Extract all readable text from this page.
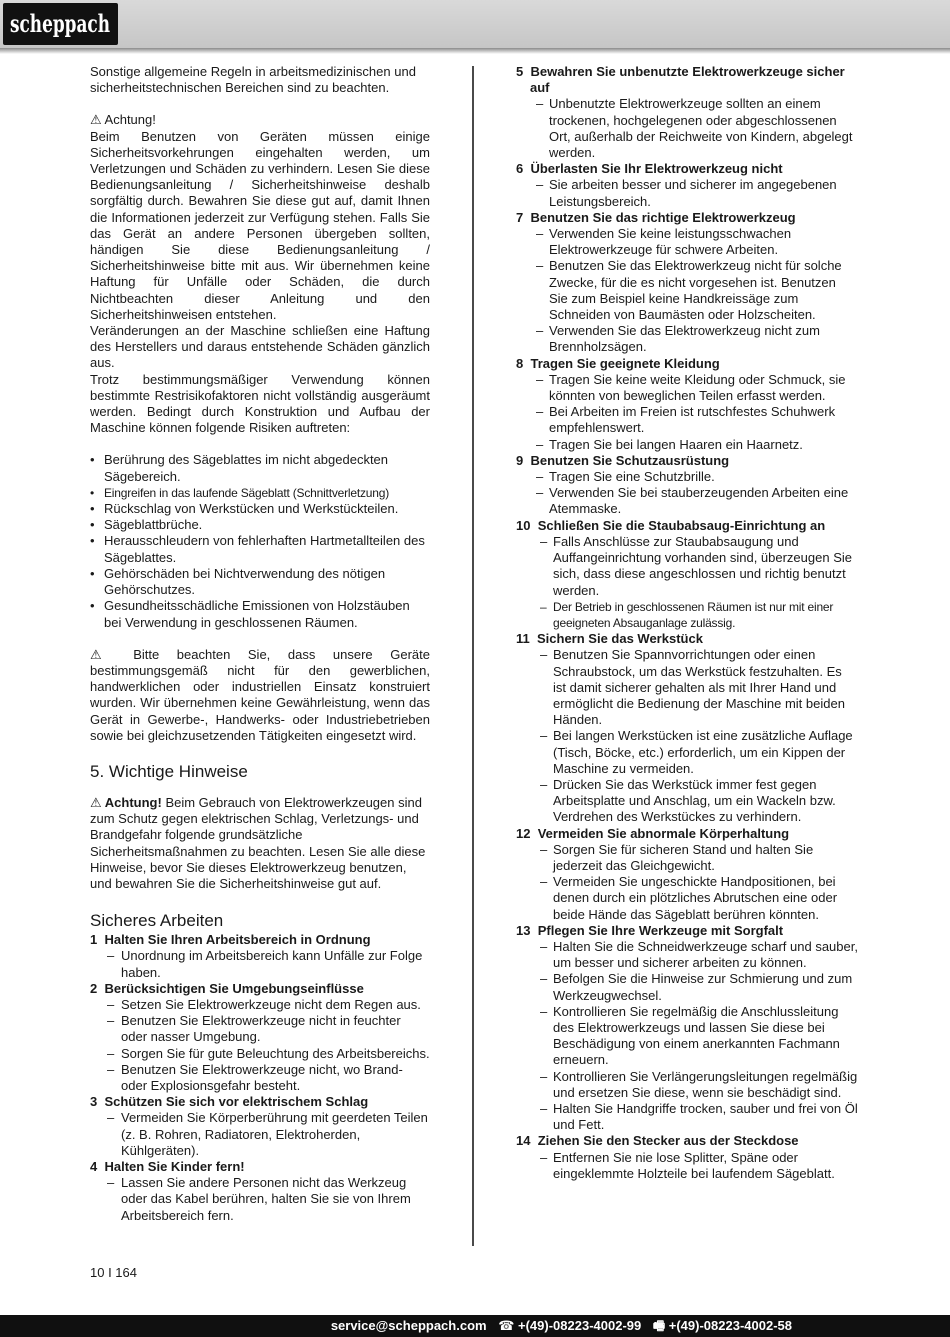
scheppach

Sonstige allgemeine Regeln in arbeitsmedizinischen und sicherheitstechnischen Bereichen sind zu beachten.

⚠ Achtung!

Beim Benutzen von Geräten müssen einige Sicherheitsvorkehrungen eingehalten werden, um Verletzungen und Schäden zu verhindern. Lesen Sie diese Bedienungsanleitung / Sicherheitshinweise deshalb sorgfältig durch. Bewahren Sie diese gut auf, damit Ihnen die Informationen jederzeit zur Verfügung stehen. Falls Sie das Gerät an andere Personen übergeben sollten, händigen Sie diese Bedienungsanleitung / Sicherheitshinweise bitte mit aus. Wir übernehmen keine Haftung für Unfälle oder Schäden, die durch Nichtbeachten dieser Anleitung und den Sicherheitshinweisen entstehen.

Veränderungen an der Maschine schließen eine Haftung des Herstellers und daraus entstehende Schäden gänzlich aus.

Trotz bestimmungsmäßiger Verwendung können bestimmte Restrisikofaktoren nicht vollständig ausgeräumt werden. Bedingt durch Konstruktion und Aufbau der Maschine können folgende Risiken auftreten:

• Berührung des Sägeblattes im nicht abgedeckten Sägebereich.
• Eingreifen in das laufende Sägeblatt (Schnittverletzung)
• Rückschlag von Werkstücken und Werkstückteilen.
• Sägeblattbrüche.
• Herausschleudern von fehlerhaften Hartmetallteilen des Sägeblattes.
• Gehörschäden bei Nichtverwendung des nötigen Gehörschutzes.
• Gesundheitsschädliche Emissionen von Holzstäuben bei Verwendung in geschlossenen Räumen.

⚠ Bitte beachten Sie, dass unsere Geräte bestimmungsgemäß nicht für den gewerblichen, handwerklichen oder industriellen Einsatz konstruiert wurden. Wir übernehmen keine Gewährleistung, wenn das Gerät in Gewerbe-, Handwerks- oder Industriebetrieben sowie bei gleichzusetzenden Tätigkeiten eingesetzt wird.

5. Wichtige Hinweise

⚠ Achtung! Beim Gebrauch von Elektrowerkzeugen sind zum Schutz gegen elektrischen Schlag, Verletzungs- und Brandgefahr folgende grundsätzliche Sicherheitsmaßnahmen zu beachten. Lesen Sie alle diese Hinweise, bevor Sie dieses Elektrowerkzeug benutzen, und bewahren Sie die Sicherheitshinweise gut auf.

Sicheres Arbeiten
1 Halten Sie Ihren Arbeitsbereich in Ordnung
– Unordnung im Arbeitsbereich kann Unfälle zur Folge haben.
2 Berücksichtigen Sie Umgebungseinflüsse
– Setzen Sie Elektrowerkzeuge nicht dem Regen aus.
– Benutzen Sie Elektrowerkzeuge nicht in feuchter oder nasser Umgebung.
– Sorgen Sie für gute Beleuchtung des Arbeitsbereichs.
– Benutzen Sie Elektrowerkzeuge nicht, wo Brand- oder Explosionsgefahr besteht.
3 Schützen Sie sich vor elektrischem Schlag
– Vermeiden Sie Körperberührung mit geerdeten Teilen (z. B. Rohren, Radiatoren, Elektroherden, Kühlgeräten).
4 Halten Sie Kinder fern!
– Lassen Sie andere Personen nicht das Werkzeug oder das Kabel berühren, halten Sie sie von Ihrem Arbeitsbereich fern.
5 Bewahren Sie unbenutzte Elektrowerkzeuge sicher auf
– Unbenutzte Elektrowerkzeuge sollten an einem trockenen, hochgelegenen oder abgeschlossenen Ort, außerhalb der Reichweite von Kindern, abgelegt werden.
6 Überlasten Sie Ihr Elektrowerkzeug nicht
– Sie arbeiten besser und sicherer im angegebenen Leistungsbereich.
7 Benutzen Sie das richtige Elektrowerkzeug
– Verwenden Sie keine leistungsschwachen Elektrowerkzeuge für schwere Arbeiten.
– Benutzen Sie das Elektrowerkzeug nicht für solche Zwecke, für die es nicht vorgesehen ist. Benutzen Sie zum Beispiel keine Handkreissäge zum Schneiden von Baumästen oder Holzscheiten.
– Verwenden Sie das Elektrowerkzeug nicht zum Brennholzsägen.
8 Tragen Sie geeignete Kleidung
– Tragen Sie keine weite Kleidung oder Schmuck, sie könnten von beweglichen Teilen erfasst werden.
– Bei Arbeiten im Freien ist rutschfestes Schuhwerk empfehlenswert.
– Tragen Sie bei langen Haaren ein Haarnetz.
9 Benutzen Sie Schutzausrüstung
– Tragen Sie eine Schutzbrille.
– Verwenden Sie bei stauberzeugenden Arbeiten eine Atemmaske.
10 Schließen Sie die Staubabsaug-Einrichtung an
– Falls Anschlüsse zur Staubabsaugung und Auffangeinrichtung vorhanden sind, überzeugen Sie sich, dass diese angeschlossen und richtig benutzt werden.
– Der Betrieb in geschlossenen Räumen ist nur mit einer geeigneten Absauganlage zulässig.
11 Sichern Sie das Werkstück
– Benutzen Sie Spannvorrichtungen oder einen Schraubstock, um das Werkstück festzuhalten. Es ist damit sicherer gehalten als mit Ihrer Hand und ermöglicht die Bedienung der Maschine mit beiden Händen.
– Bei langen Werkstücken ist eine zusätzliche Auflage (Tisch, Böcke, etc.) erforderlich, um ein Kippen der Maschine zu vermeiden.
– Drücken Sie das Werkstück immer fest gegen Arbeitsplatte und Anschlag, um ein Wackeln bzw. Verdrehen des Werkstückes zu verhindern.
12 Vermeiden Sie abnormale Körperhaltung
– Sorgen Sie für sicheren Stand und halten Sie jederzeit das Gleichgewicht.
– Vermeiden Sie ungeschickte Handpositionen, bei denen durch ein plötzliches Abrutschen eine oder beide Hände das Sägeblatt berühren könnten.
13 Pflegen Sie Ihre Werkzeuge mit Sorgfalt
– Halten Sie die Schneidwerkzeuge scharf und sauber, um besser und sicherer arbeiten zu können.
– Befolgen Sie die Hinweise zur Schmierung und zum Werkzeugwechsel.
– Kontrollieren Sie regelmäßig die Anschlussleitung des Elektrowerkzeugs und lassen Sie diese bei Beschädigung von einem anerkannten Fachmann erneuern.
– Kontrollieren Sie Verlängerungsleitungen regelmäßig und ersetzen Sie diese, wenn sie beschädigt sind.
– Halten Sie Handgriffe trocken, sauber und frei von Öl und Fett.
14 Ziehen Sie den Stecker aus der Steckdose
– Entfernen Sie nie lose Splitter, Späne oder eingeklemmte Holzteile bei laufendem Sägeblatt.
10 I 164
service@scheppach.com ☎ +(49)-08223-4002-99 🖷 +(49)-08223-4002-58
